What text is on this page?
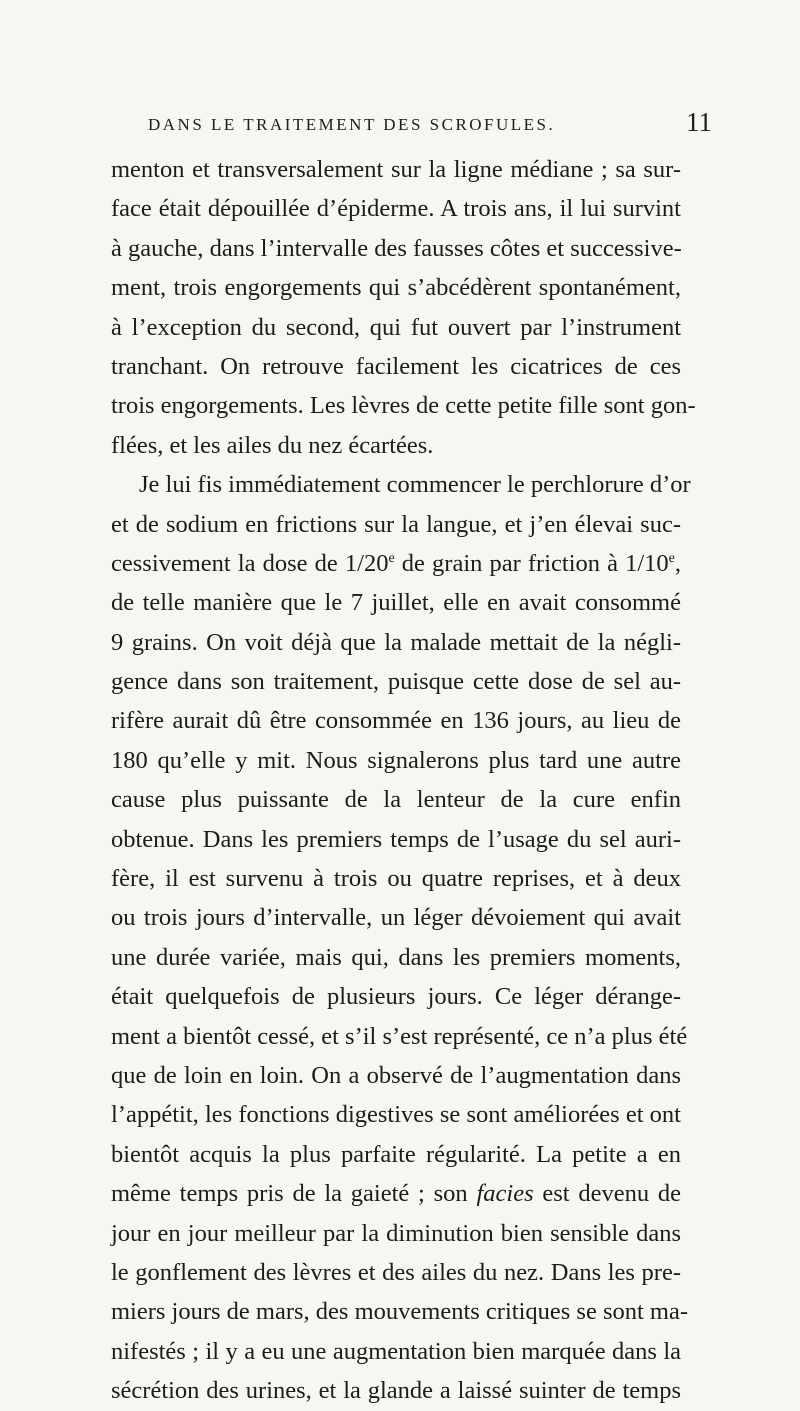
DANS LE TRAITEMENT DES SCROFULES.	11
menton et transversalement sur la ligne médiane ; sa sur-
face était dépouillée d’épiderme. A trois ans, il lui survint
à gauche, dans l’intervalle des fausses côtes et successive-
ment, trois engorgements qui s’abcédèrent spontanément,
à l’exception du second, qui fut ouvert par l’instrument
tranchant. On retrouve facilement les cicatrices de ces
trois engorgements. Les lèvres de cette petite fille sont gon-
flées, et les ailes du nez écartées.
Je lui fis immédiatement commencer le perchlorure d’or
et de sodium en frictions sur la langue, et j’en élevai suc-
cessivement la dose de 1/20e de grain par friction à 1/10e,
de telle manière que le 7 juillet, elle en avait consommé
9 grains. On voit déjà que la malade mettait de la négli-
gence dans son traitement, puisque cette dose de sel au-
rifère aurait dû être consommée en 136 jours, au lieu de
180 qu’elle y mit. Nous signalerons plus tard une autre
cause plus puissante de la lenteur de la cure enfin
obtenue. Dans les premiers temps de l’usage du sel auri-
fère, il est survenu à trois ou quatre reprises, et à deux
ou trois jours d’intervalle, un léger dévoiement qui avait
une durée variée, mais qui, dans les premiers moments,
était quelquefois de plusieurs jours. Ce léger dérange-
ment a bientôt cessé, et s’il s’est représenté, ce n’a plus été
que de loin en loin. On a observé de l’augmentation dans
l’appétit, les fonctions digestives se sont améliorées et ont
bientôt acquis la plus parfaite régularité. La petite a en
même temps pris de la gaieté ; son facies est devenu de
jour en jour meilleur par la diminution bien sensible dans
le gonflement des lèvres et des ailes du nez. Dans les pre-
miers jours de mars, des mouvements critiques se sont ma-
nifestés ; il y a eu une augmentation bien marquée dans la
sécrétion des urines, et la glande a laissé suinter de temps
